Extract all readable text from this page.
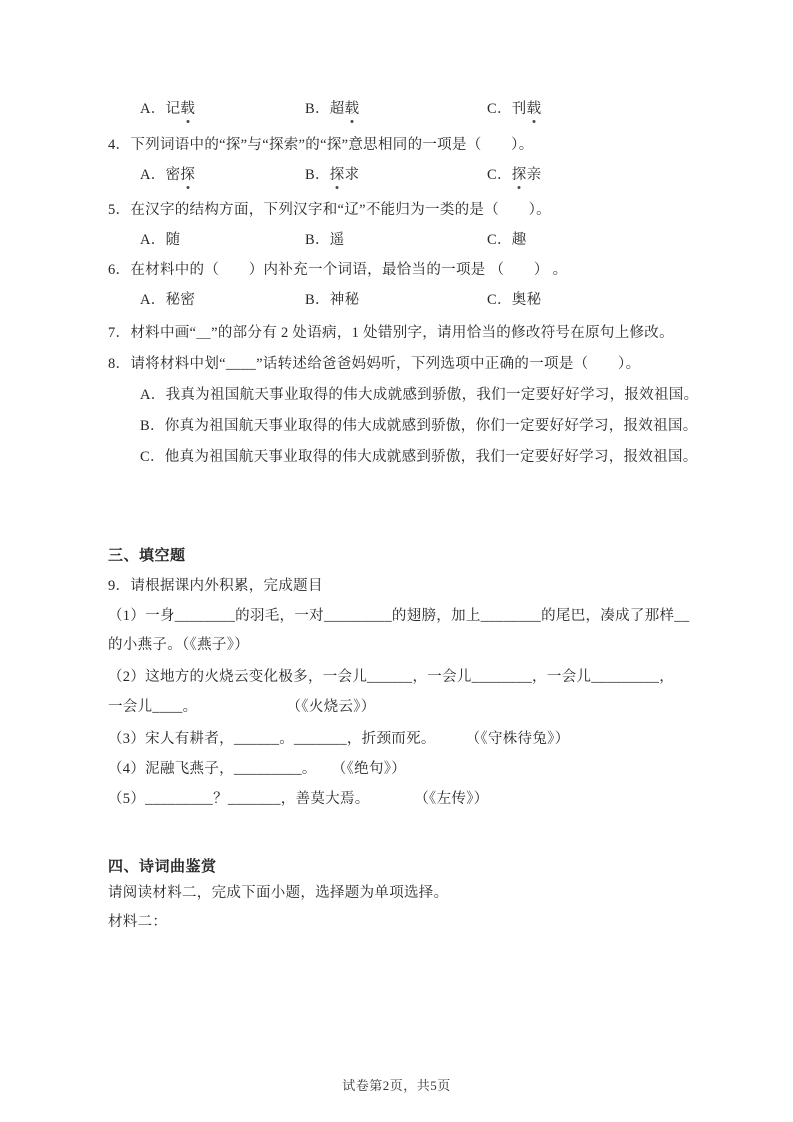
A．记载	B．超载	C．刊载
4．下列词语中的“探”与“探索”的“探”意思相同的一项是（　　）。
A．密探	B．探求	C．探亲
5．在汉字的结构方面，下列汉字和“辽”不能归为一类的是（　　）。
A．随	B．遥	C．趣
6．在材料中的（　　）内补充一个词语，最恰当的一项是 （　　） 。
A．秘密	B．神秘	C．奥秘
7．材料中画“＿”的部分有 2 处语病，1 处错别字，请用恰当的修改符号在原句上修改。
8．请将材料中划“____”话转述给爸爸妈妈听，下列选项中正确的一项是（　　）。
A．我真为祖国航天事业取得的伟大成就感到骄傲，我们一定要好好学习，报效祖国。
B．你真为祖国航天事业取得的伟大成就感到骄傲，你们一定要好好学习，报效祖国。
C．他真为祖国航天事业取得的伟大成就感到骄傲，我们一定要好好学习，报效祖国。
三、填空题
9．请根据课内外积累，完成题目
（1）一身________的羽毛，一对_________的翅膀，加上________的尾巴，凑成了那样__
的小燕子。（《燕子》）
（2）这地方的火烧云变化极多，一会儿______，一会儿________，一会儿_________，
一会儿____。　　　　　　　（《火烧云》）
（3）宋人有耕者，______。_______，折颈而死。　　　（《守株待兔》）
（4）泥融飞燕子，_________。　　（《绝句》）
（5）_________？_______，善莫大焉。　　　　（《左传》）
四、诗词曲鉴赏
请阅读材料二，完成下面小题，选择题为单项选择。
材料二：
试卷第2页，共5页
